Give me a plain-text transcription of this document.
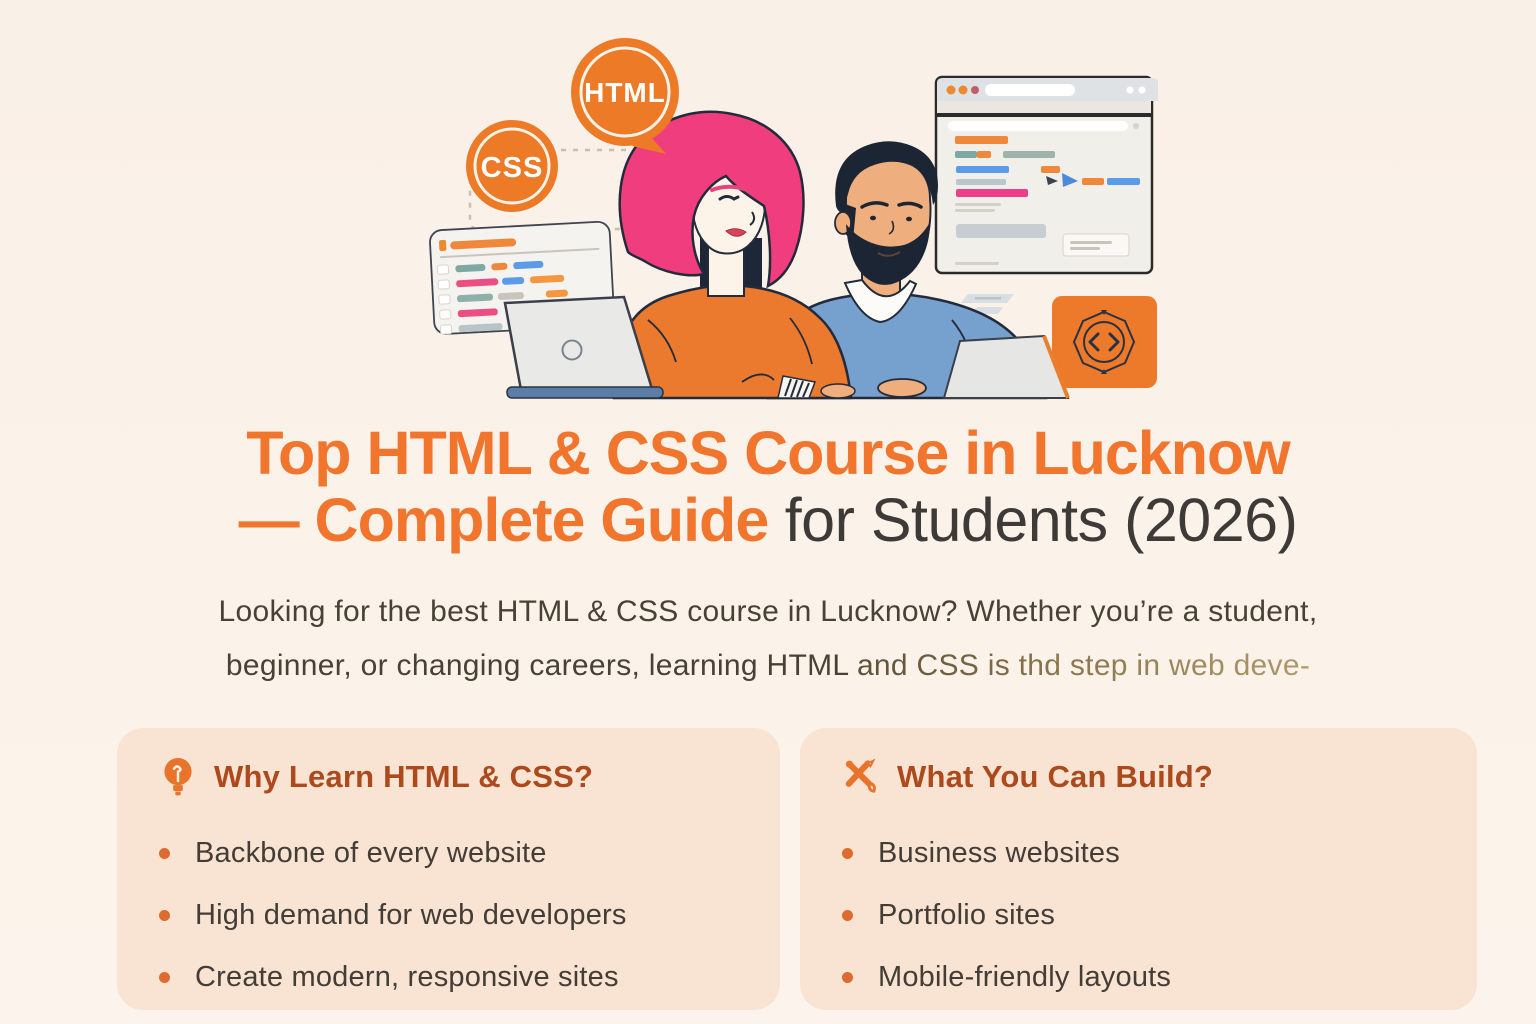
CSS
HTML
Top HTML & CSS Course in Lucknow
— Complete Guide for Students (2026)
Looking for the best HTML & CSS course in Lucknow? Whether you’re a student,
beginner, or changing careers, learning HTML and CSS is thd step in web deve-
Why Learn HTML & CSS?
Backbone of every website
High demand for web developers
Create modern, responsive sites
What You Can Build?
Business websites
Portfolio sites
Mobile-friendly layouts
